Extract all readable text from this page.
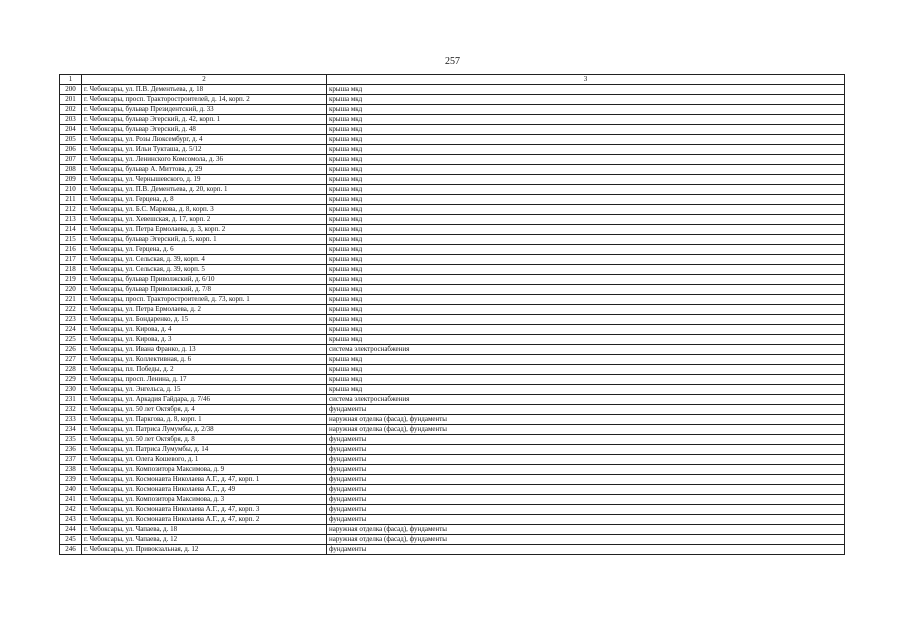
257
1	2	3
200	г. Чебоксары, ул. П.В. Дементьева, д. 18	крыша мкд
201	г. Чебоксары, просп. Тракторостроителей, д. 14, корп. 2	крыша мкд
202	г. Чебоксары, бульвар Президентский, д. 33	крыша мкд
203	г. Чебоксары, бульвар Эгерский, д. 42, корп. 1	крыша мкд
204	г. Чебоксары, бульвар Эгерский, д. 48	крыша мкд
205	г. Чебоксары, ул. Розы Люксембург, д. 4	крыша мкд
206	г. Чебоксары, ул. Ильи Тукташа, д. 5/12	крыша мкд
207	г. Чебоксары, ул. Ленинского Комсомола, д. 36	крыша мкд
208	г. Чебоксары, бульвар А. Миттова, д. 29	крыша мкд
209	г. Чебоксары, ул. Чернышевского, д. 19	крыша мкд
210	г. Чебоксары, ул. П.В. Дементьева, д. 20, корп. 1	крыша мкд
211	г. Чебоксары, ул. Герцена, д. 8	крыша мкд
212	г. Чебоксары, ул. Б.С. Маркова, д. 8, корп. 3	крыша мкд
213	г. Чебоксары, ул. Хевешская, д. 17, корп. 2	крыша мкд
214	г. Чебоксары, ул. Петра Ермолаева, д. 3, корп. 2	крыша мкд
215	г. Чебоксары, бульвар Эгерский, д. 5, корп. 1	крыша мкд
216	г. Чебоксары, ул. Герцена, д. 6	крыша мкд
217	г. Чебоксары, ул. Сельская, д. 39, корп. 4	крыша мкд
218	г. Чебоксары, ул. Сельская, д. 39, корп. 5	крыша мкд
219	г. Чебоксары, бульвар Приволжский, д. 6/10	крыша мкд
220	г. Чебоксары, бульвар Приволжский, д. 7/8	крыша мкд
221	г. Чебоксары, просп. Тракторостроителей, д. 73, корп. 1	крыша мкд
222	г. Чебоксары, ул. Петра Ермолаева, д. 2	крыша мкд
223	г. Чебоксары, ул. Бондаренко, д. 15	крыша мкд
224	г. Чебоксары, ул. Кирова, д. 4	крыша мкд
225	г. Чебоксары, ул. Кирова, д. 3	крыша мкд
226	г. Чебоксары, ул. Ивана Франко, д. 13	система электроснабжения
227	г. Чебоксары, ул. Коллективная, д. 6	крыша мкд
228	г. Чебоксары, пл. Победы, д. 2	крыша мкд
229	г. Чебоксары, просп. Ленина, д. 17	крыша мкд
230	г. Чебоксары, ул. Энгельса, д. 15	крыша мкд
231	г. Чебоксары, ул. Аркадия Гайдара, д. 7/46	система электроснабжения
232	г. Чебоксары, ул. 50 лет Октября, д. 4	фундаменты
233	г. Чебоксары, ул. Паркгова, д. 8, корп. 1	наружная отделка (фасад), фундаменты
234	г. Чебоксары, ул. Патриса Лумумбы, д. 2/38	наружная отделка (фасад), фундаменты
235	г. Чебоксары, ул. 50 лет Октября, д. 8	фундаменты
236	г. Чебоксары, ул. Патриса Лумумбы, д. 14	фундаменты
237	г. Чебоксары, ул. Олега Кошевого, д. 1	фундаменты
238	г. Чебоксары, ул. Композитора Максимова, д. 9	фундаменты
239	г. Чебоксары, ул. Космонавта Николаева А.Г., д. 47, корп. 1	фундаменты
240	г. Чебоксары, ул. Космонавта Николаева А.Г., д. 49	фундаменты
241	г. Чебоксары, ул. Композитора Максимова, д. 3	фундаменты
242	г. Чебоксары, ул. Космонавта Николаева А.Г., д. 47, корп. 3	фундаменты
243	г. Чебоксары, ул. Космонавта Николаева А.Г., д. 47, корп. 2	фундаменты
244	г. Чебоксары, ул. Чапаева, д. 18	наружная отделка (фасад), фундаменты
245	г. Чебоксары, ул. Чапаева, д. 12	наружная отделка (фасад), фундаменты
246	г. Чебоксары, ул. Привокзальная, д. 12	фундаменты
